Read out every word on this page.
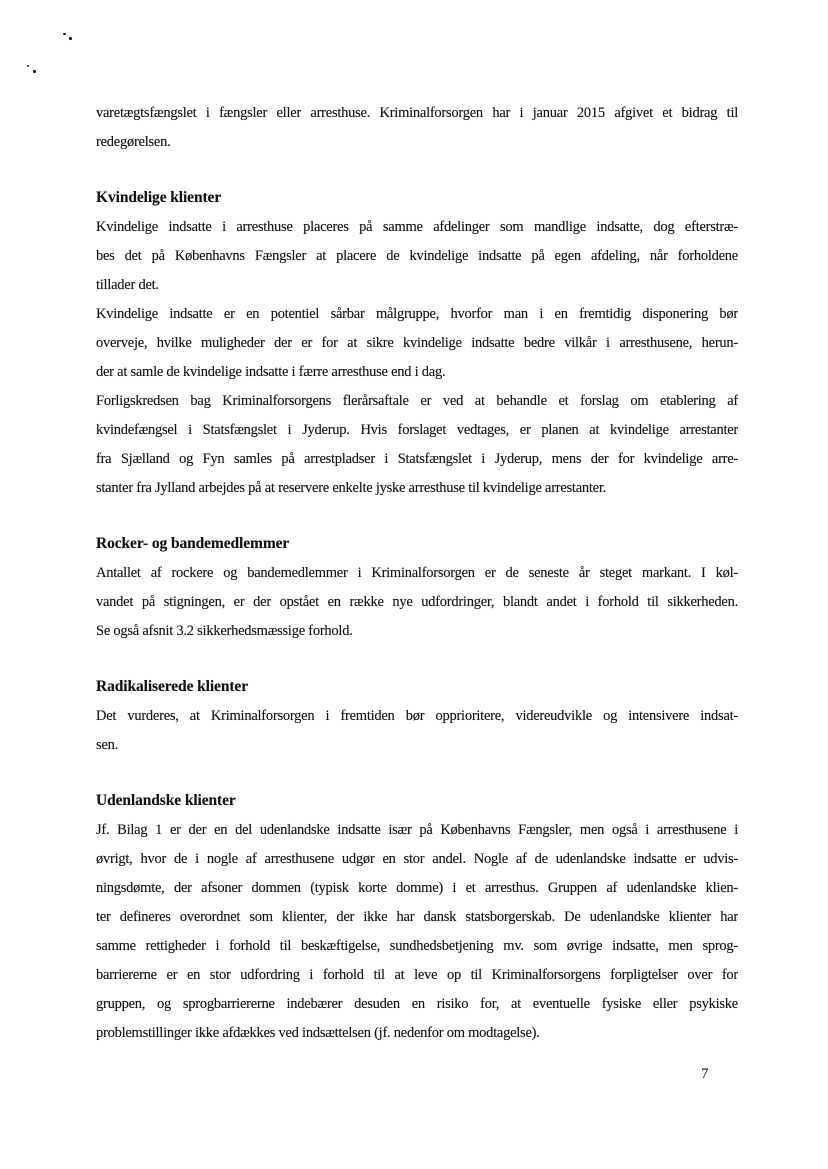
varetægtsfængslet i fængsler eller arresthuse. Kriminalforsorgen har i januar 2015 afgivet et bidrag til
redegørelsen.
Kvindelige klienter
Kvindelige indsatte i arresthuse placeres på samme afdelinger som mandlige indsatte, dog efterstræ-
bes det på Københavns Fængsler at placere de kvindelige indsatte på egen afdeling, når forholdene
tillader det.
Kvindelige indsatte er en potentiel sårbar målgruppe, hvorfor man i en fremtidig disponering bør
overveje, hvilke muligheder der er for at sikre kvindelige indsatte bedre vilkår i arresthusene, herun-
der at samle de kvindelige indsatte i færre arresthuse end i dag.
Forligskredsen bag Kriminalforsorgens flerårsaftale er ved at behandle et forslag om etablering af
kvindefængsel i Statsfængslet i Jyderup. Hvis forslaget vedtages, er planen at kvindelige arrestanter
fra Sjælland og Fyn samles på arrestpladser i Statsfængslet i Jyderup, mens der for kvindelige arre-
stanter fra Jylland arbejdes på at reservere enkelte jyske arresthuse til kvindelige arrestanter.
Rocker- og bandemedlemmer
Antallet af rockere og bandemedlemmer i Kriminalforsorgen er de seneste år steget markant. I køl-
vandet på stigningen, er der opstået en række nye udfordringer, blandt andet i forhold til sikkerheden.
Se også afsnit 3.2 sikkerhedsmæssige forhold.
Radikaliserede klienter
Det vurderes, at Kriminalforsorgen i fremtiden bør opprioritere, videreudvikle og intensivere indsat-
sen.
Udenlandske klienter
Jf. Bilag 1 er der en del udenlandske indsatte især på Københavns Fængsler, men også i arresthusene i
øvrigt, hvor de i nogle af arresthusene udgør en stor andel. Nogle af de udenlandske indsatte er udvis-
ningsdømte, der afsoner dommen (typisk korte domme) i et arresthus. Gruppen af udenlandske klien-
ter defineres overordnet som klienter, der ikke har dansk statsborgerskab. De udenlandske klienter har
samme rettigheder i forhold til beskæftigelse, sundhedsbetjening mv. som øvrige indsatte, men sprog-
barriererne er en stor udfordring i forhold til at leve op til Kriminalforsorgens forpligtelser over for
gruppen, og sprogbarriererne indebærer desuden en risiko for, at eventuelle fysiske eller psykiske
problemstillinger ikke afdækkes ved indsættelsen (jf. nedenfor om modtagelse).
7
